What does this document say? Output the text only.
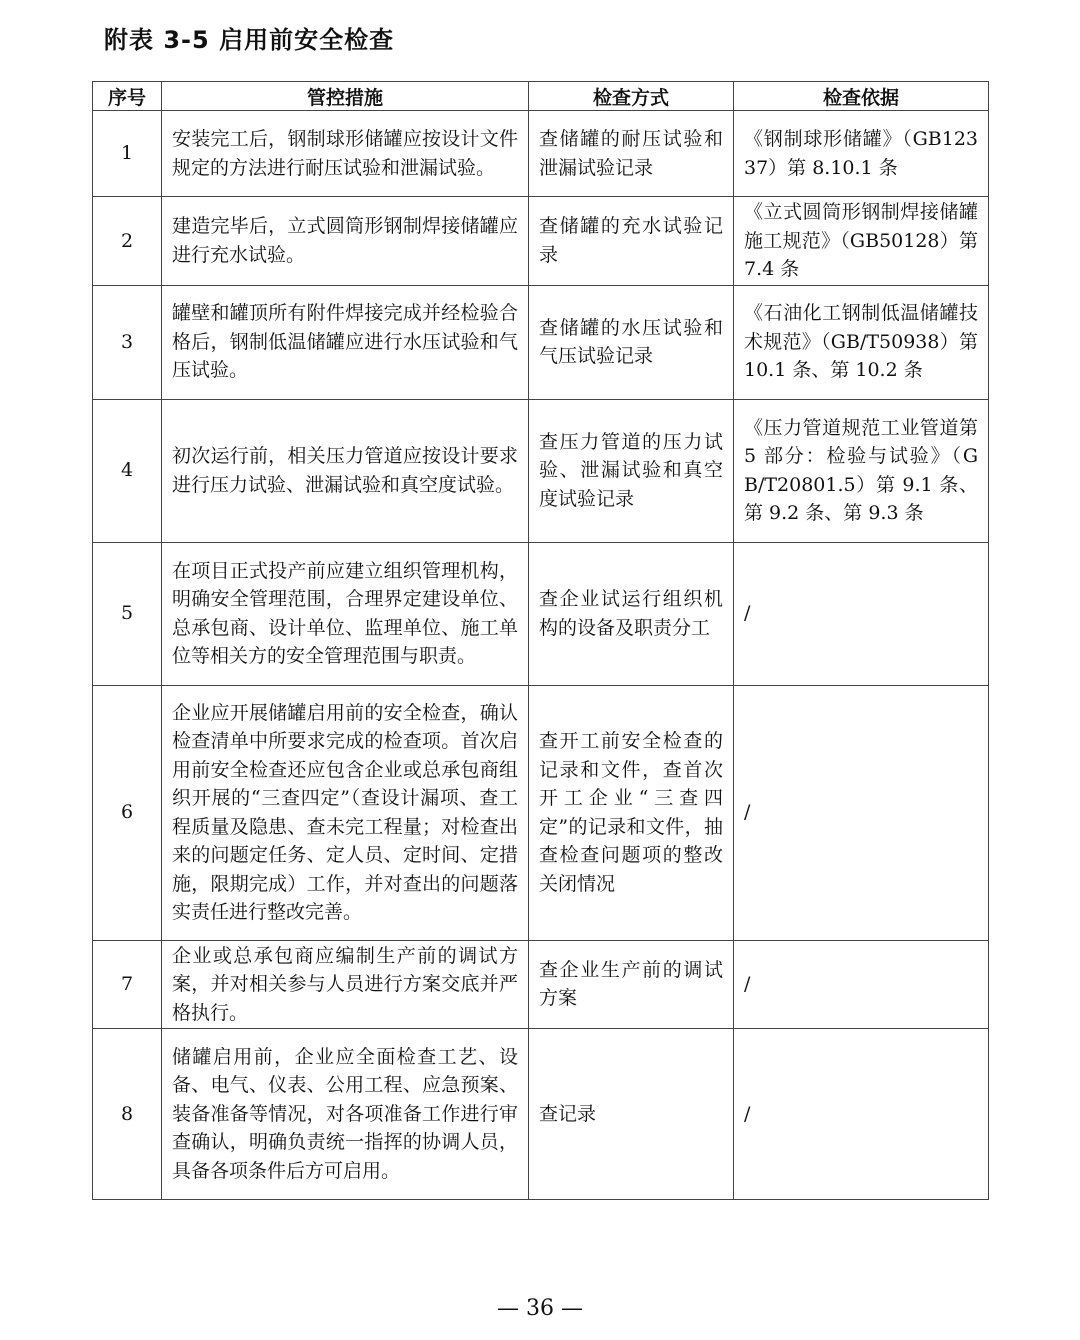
附表 3-5 启用前安全检查
序号	管控措施	检查方式	检查依据
1	安装完工后，钢制球形储罐应按设计文件规定的方法进行耐压试验和泄漏试验。	查储罐的耐压试验和泄漏试验记录	《钢制球形储罐》（GB12337）第 8.10.1 条
2	建造完毕后，立式圆筒形钢制焊接储罐应进行充水试验。	查储罐的充水试验记录	《立式圆筒形钢制焊接储罐施工规范》（GB50128）第 7.4 条
3	罐壁和罐顶所有附件焊接完成并经检验合格后，钢制低温储罐应进行水压试验和气压试验。	查储罐的水压试验和气压试验记录	《石油化工钢制低温储罐技术规范》（GB/T50938）第 10.1 条、第 10.2 条
4	初次运行前，相关压力管道应按设计要求进行压力试验、泄漏试验和真空度试验。	查压力管道的压力试验、泄漏试验和真空度试验记录	《压力管道规范工业管道第 5 部分：检验与试验》（GB/T20801.5）第 9.1 条、第 9.2 条、第 9.3 条
5	在项目正式投产前应建立组织管理机构，明确安全管理范围，合理界定建设单位、总承包商、设计单位、监理单位、施工单位等相关方的安全管理范围与职责。	查企业试运行组织机构的设备及职责分工	/
6	企业应开展储罐启用前的安全检查，确认检查清单中所要求完成的检查项。首次启用前安全检查还应包含企业或总承包商组织开展的“三查四定”（查设计漏项、查工程质量及隐患、查未完工程量；对检查出来的问题定任务、定人员、定时间、定措施，限期完成）工作，并对查出的问题落实责任进行整改完善。	查开工前安全检查的记录和文件，查首次开工企业“三查四定”的记录和文件，抽查检查问题项的整改关闭情况	/
7	企业或总承包商应编制生产前的调试方案，并对相关参与人员进行方案交底并严格执行。	查企业生产前的调试方案	/
8	储罐启用前，企业应全面检查工艺、设备、电气、仪表、公用工程、应急预案、装备准备等情况，对各项准备工作进行审查确认，明确负责统一指挥的协调人员，具备各项条件后方可启用。	查记录	/
— 36 —
